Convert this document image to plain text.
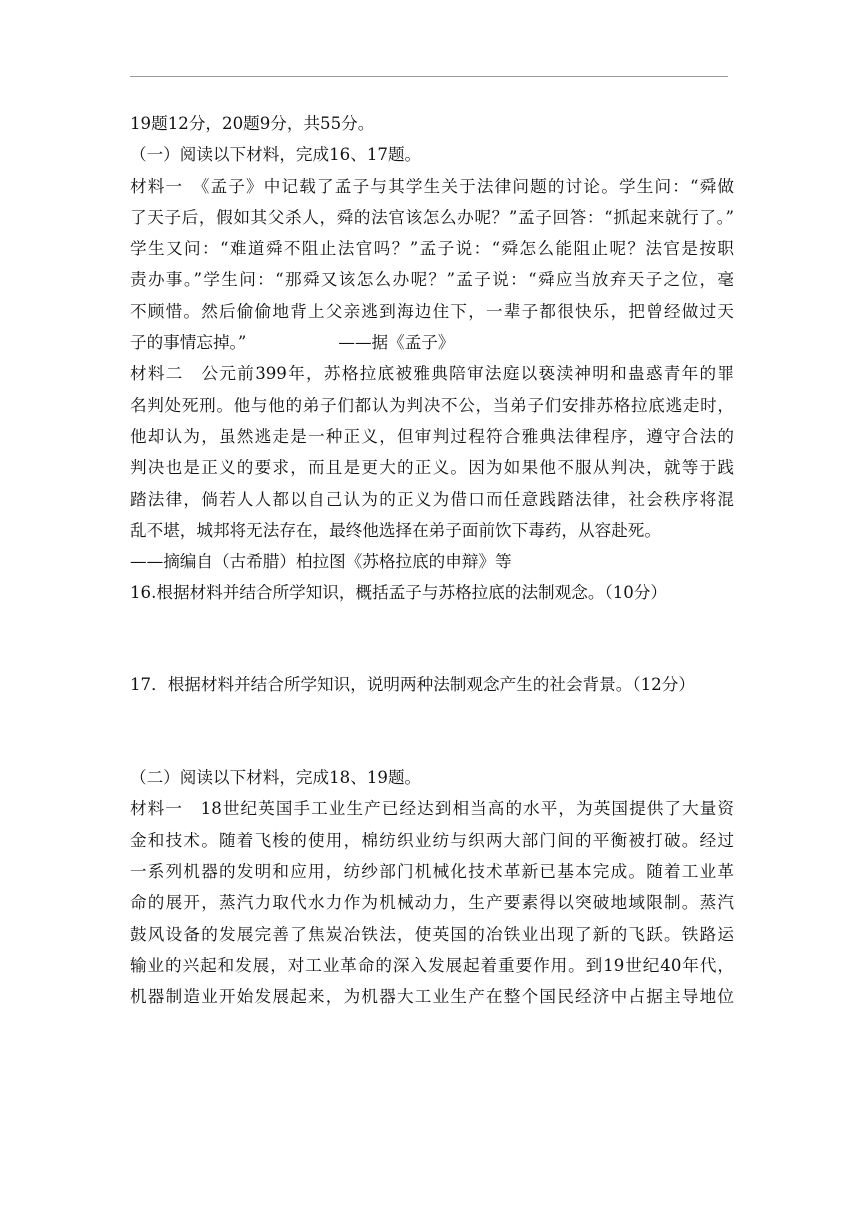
19题12分，20题9分，共55分。
（一）阅读以下材料，完成16、17题。
材料一　《孟子》中记载了孟子与其学生关于法律问题的讨论。学生问：“舜做
了天子后，假如其父杀人，舜的法官该怎么办呢？”孟子回答：“抓起来就行了。”
学生又问：“难道舜不阻止法官吗？”孟子说：“舜怎么能阻止呢？法官是按职
责办事。”学生问：“那舜又该怎么办呢？”孟子说：“舜应当放弃天子之位，毫
不顾惜。然后偷偷地背上父亲逃到海边住下，一辈子都很快乐，把曾经做过天
子的事情忘掉。”	——据《孟子》
材料二　公元前399年，苏格拉底被雅典陪审法庭以亵渎神明和蛊惑青年的罪
名判处死刑。他与他的弟子们都认为判决不公，当弟子们安排苏格拉底逃走时，
他却认为，虽然逃走是一种正义，但审判过程符合雅典法律程序，遵守合法的
判决也是正义的要求，而且是更大的正义。因为如果他不服从判决，就等于践
踏法律，倘若人人都以自己认为的正义为借口而任意践踏法律，社会秩序将混
乱不堪，城邦将无法存在，最终他选择在弟子面前饮下毒药，从容赴死。
——摘编自（古希腊）柏拉图《苏格拉底的申辩》等
16.根据材料并结合所学知识，概括孟子与苏格拉底的法制观念。（10分）
17．根据材料并结合所学知识，说明两种法制观念产生的社会背景。（12分）
（二）阅读以下材料，完成18、19题。
材料一　18世纪英国手工业生产已经达到相当高的水平，为英国提供了大量资
金和技术。随着飞梭的使用，棉纺织业纺与织两大部门间的平衡被打破。经过
一系列机器的发明和应用，纺纱部门机械化技术革新已基本完成。随着工业革
命的展开，蒸汽力取代水力作为机械动力，生产要素得以突破地域限制。蒸汽
鼓风设备的发展完善了焦炭冶铁法，使英国的冶铁业出现了新的飞跃。铁路运
输业的兴起和发展，对工业革命的深入发展起着重要作用。到19世纪40年代，
机器制造业开始发展起来，为机器大工业生产在整个国民经济中占据主导地位
